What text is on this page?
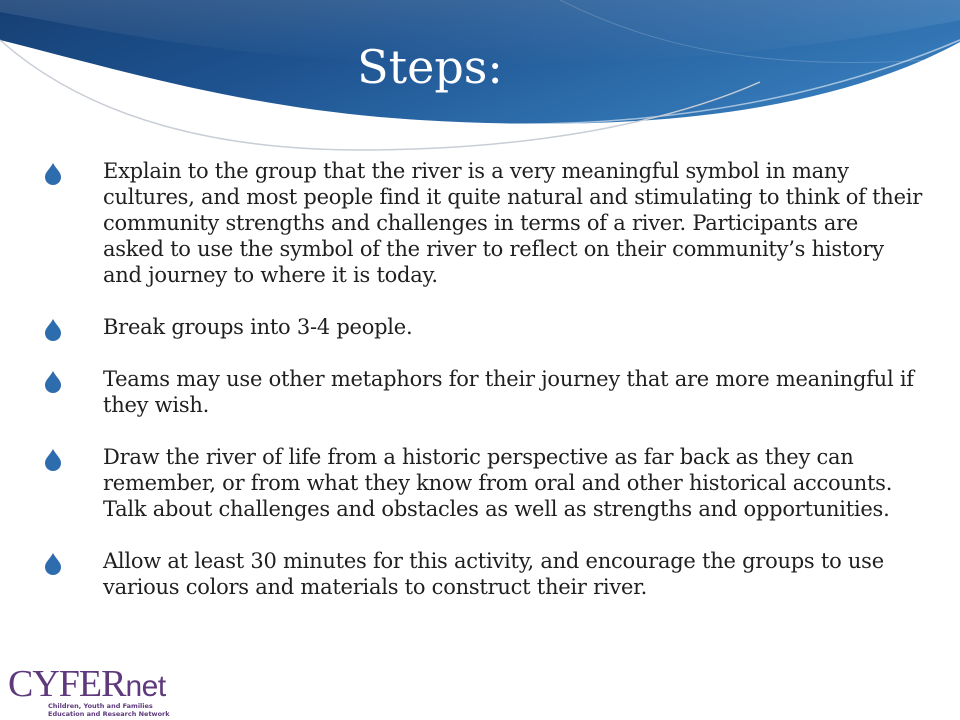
Steps:
Explain to the group that the river is a very meaningful symbol in many cultures, and most people find it quite natural and stimulating to think of their community strengths and challenges in terms of a river. Participants are asked to use the symbol of the river to reflect on their community’s history and journey to where it is today.
Break groups into 3-4 people.
Teams may use other metaphors for their journey that are more meaningful if they wish.
Draw the river of life from a historic perspective as far back as they can remember, or from what they know from oral and other historical accounts. Talk about challenges and obstacles as well as strengths and opportunities.
Allow at least 30 minutes for this activity, and encourage the groups to use various colors and materials to construct their river.
CYFERnet
Children, Youth and Families
Education and Research Network
